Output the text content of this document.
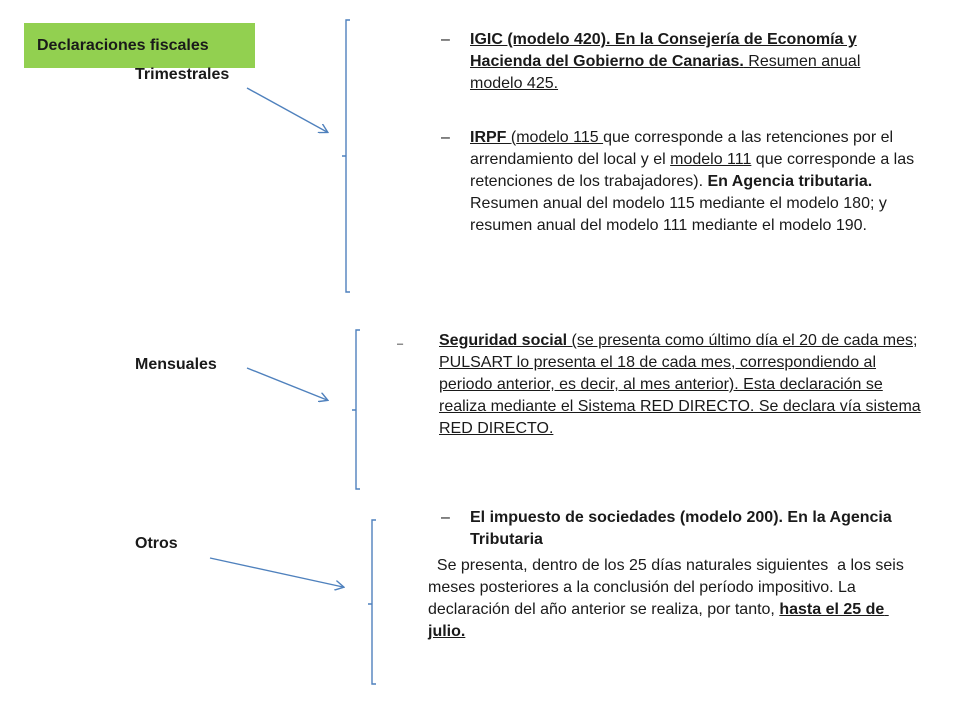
Declaraciones fiscales
Trimestrales
Mensuales
Otros
– IGIC (modelo 420). En la Consejería de Economía y Hacienda del Gobierno de Canarias. Resumen anual modelo 425.
– IRPF (modelo 115 que corresponde a las retenciones por el arrendamiento del local y el modelo 111 que corresponde a las retenciones de los trabajadores). En Agencia tributaria. Resumen anual del modelo 115 mediante el modelo 180; y resumen anual del modelo 111 mediante el modelo 190.
– Seguridad social (se presenta como último día el 20 de cada mes; PULSART lo presenta el 18 de cada mes, correspondiendo al periodo anterior, es decir, al mes anterior). Esta declaración se realiza mediante el Sistema RED DIRECTO. Se declara vía sistema RED DIRECTO.
– El impuesto de sociedades (modelo 200). En la Agencia Tributaria
Se presenta, dentro de los 25 días naturales siguientes  a los seis meses posteriores a la conclusión del período impositivo. La declaración del año anterior se realiza, por tanto, hasta el 25 de julio.
